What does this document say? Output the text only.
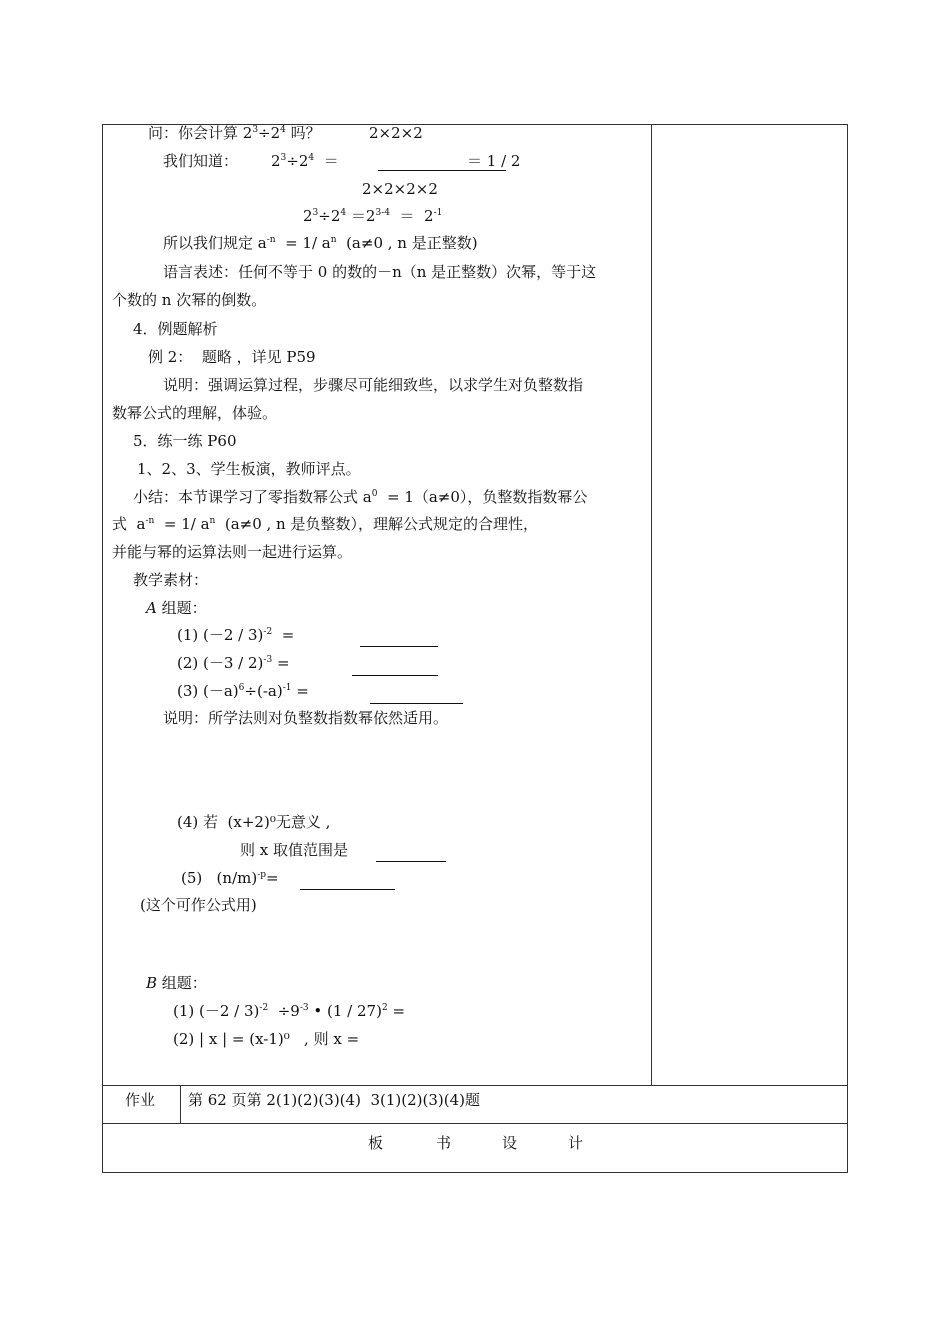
问：你会计算 $2^3\div 2^4$ 吗？	2×2×2
我们知道： $2^3\div 2^4$  ＝	＝ 1 / 2
2×2×2×2
$2^3\div 2^4 =2^{3-4} = 2^{-1}$
所以我们规定 $a^{-n} = 1/$ $a^n$  (a≠0 , n 是正整数)
语言表述：任何不等于 0 的数的－n（n 是正整数）次幂，等于这
个数的 n 次幂的倒数。
4．例题解析
例 2：  题略 ，详见 P59
说明：强调运算过程，步骤尽可能细致些，以求学生对负整数指
数幂公式的理解，体验。
5．练一练 P60
1、2、3、学生板演，教师评点。
小结：本节课学习了零指数幂公式 $a^0 = 1(a\ne 0)$，负整数指数幂公
式  $a^{-n} = 1/$ $a^n$  (a≠0 , n 是负整数），理解公式规定的合理性，
并能与幂的运算法则一起进行运算。
教学素材：
A 组题：
(1) $(-2 / 3)^{-2}$  =
(2) $(-3 / 2)^{-3}$ =
(3) $(-a)^6\div(-a)^{-1}$ =
说明：所学法则对负整数指数幂依然适用。
(4) 若  (x+2)⁰无意义 ,
则 x 取值范围是
(5)   $(n/m)^{-p}=$
(这个可作公式用)
B 组题：
(1) $(-2 / 3)^{-2} \div 9^{-3}$ • (1 / 27)$^2$ =
(2) | x | = (x-1)⁰   , 则 x =
作业 第 62 页第 2(1)(2)(3)(4)  3(1)(2)(3)(4)题
板	书	设	计
